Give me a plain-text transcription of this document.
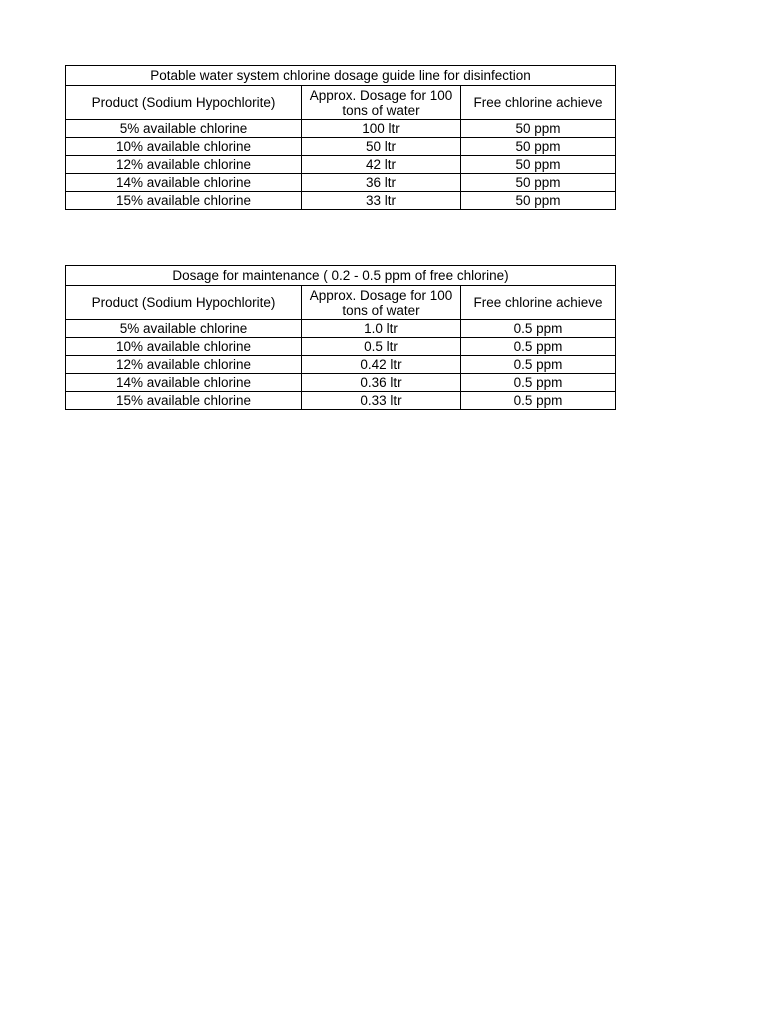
Potable water system chlorine dosage guide line for disinfection		
Product (Sodium Hypochlorite)	Approx. Dosage for 100 tons of water	Free chlorine achieve
5% available chlorine	100 ltr	50 ppm
10% available chlorine	50 ltr	50 ppm
12% available chlorine	42 ltr	50 ppm
14% available chlorine	36 ltr	50 ppm
15% available chlorine	33 ltr	50 ppm
Dosage for maintenance ( 0.2 - 0.5 ppm of free chlorine)		
Product (Sodium Hypochlorite)	Approx. Dosage for 100 tons of water	Free chlorine achieve
5% available chlorine	1.0 ltr	0.5 ppm
10% available chlorine	0.5 ltr	0.5 ppm
12% available chlorine	0.42 ltr	0.5 ppm
14% available chlorine	0.36 ltr	0.5 ppm
15% available chlorine	0.33 ltr	0.5 ppm
